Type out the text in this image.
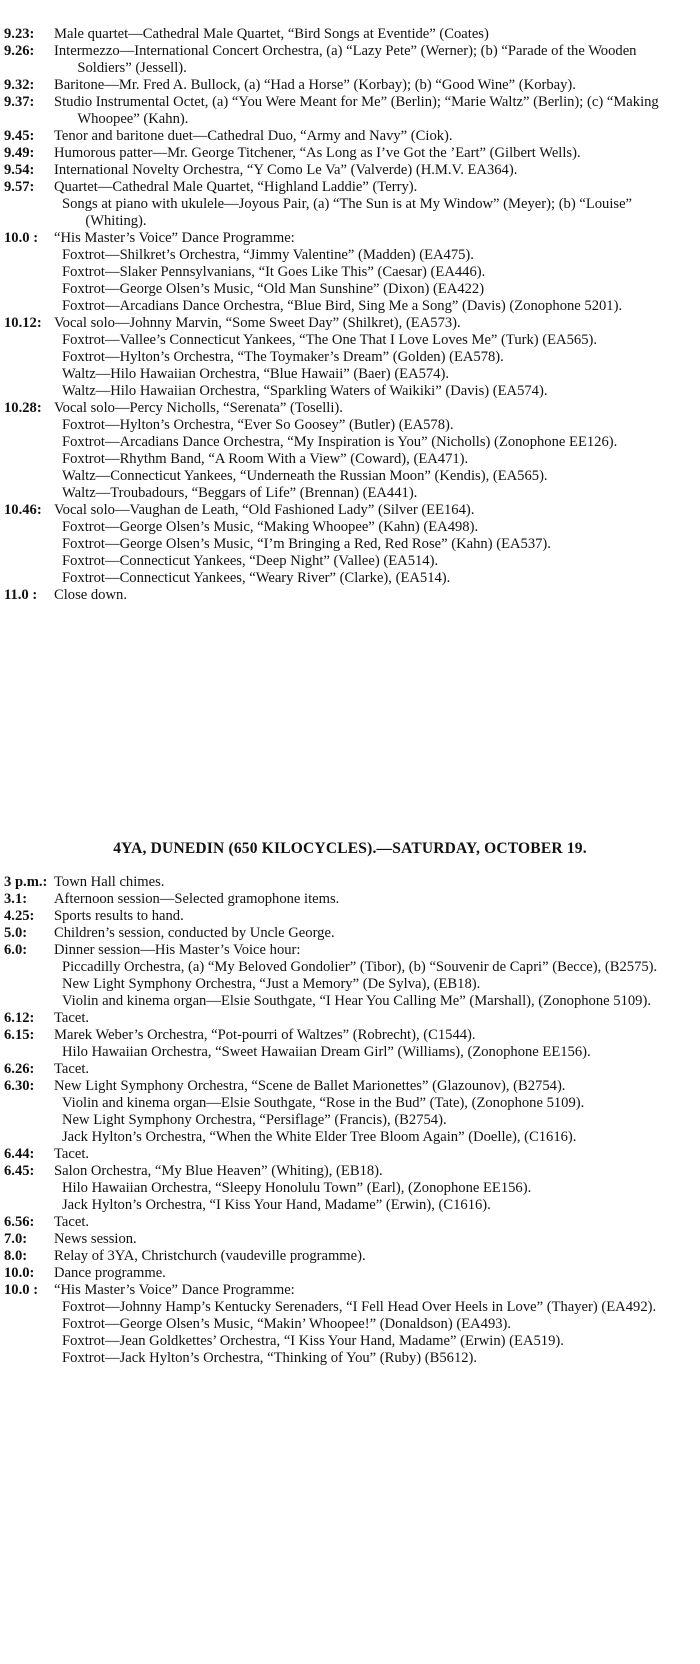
9.23:	Male quartet—Cathedral Male Quartet, “Bird Songs at Eventide” (Coates)

9.26:	Intermezzo—International Concert Orchestra, (a) “Lazy Pete” (Werner); (b) “Parade of the Wooden Soldiers” (Jessell).

9.32:	Baritone—Mr. Fred A. Bullock, (a) “Had a Horse” (Korbay); (b) “Good Wine” (Korbay).

9.37:	Studio Instrumental Octet, (a) “You Were Meant for Me” (Berlin); “Marie Waltz” (Berlin); (c) “Making Whoopee” (Kahn).

9.45:	Tenor and baritone duet—Cathedral Duo, “Army and Navy” (Ciok).

9.49:	Humorous patter—Mr. George Titchener, “As Long as I’ve Got the ’Eart” (Gilbert Wells).

9.54:	International Novelty Orchestra, “Y Como Le Va” (Valverde) (H.M.V. EA364).

9.57:	Quartet—Cathedral Male Quartet, “Highland Laddie” (Terry).

Songs at piano with ukulele—Joyous Pair, (a) “The Sun is at My Window” (Meyer); (b) “Louise” (Whiting).

10.0 :	“His Master’s Voice” Dance Programme:

Foxtrot—Shilkret’s Orchestra, “Jimmy Valentine” (Madden) (EA475).

Foxtrot—Slaker Pennsylvanians, “It Goes Like This” (Caesar) (EA446).

Foxtrot—George Olsen’s Music, “Old Man Sunshine” (Dixon) (EA422)

Foxtrot—Arcadians Dance Orchestra, “Blue Bird, Sing Me a Song” (Davis) (Zonophone 5201).

10.12: Vocal solo—Johnny Marvin, “Some Sweet Day” (Shilkret), (EA573).

Foxtrot—Vallee’s Connecticut Yankees, “The One That I Love Loves Me” (Turk) (EA565).

Foxtrot—Hylton’s Orchestra, “The Toymaker’s Dream” (Golden) (EA578).

Waltz—Hilo Hawaiian Orchestra, “Blue Hawaii” (Baer) (EA574).

Waltz—Hilo Hawaiian Orchestra, “Sparkling Waters of Waikiki” (Davis) (EA574).

10.28: Vocal solo—Percy Nicholls, “Serenata” (Toselli).

Foxtrot—Hylton’s Orchestra, “Ever So Goosey” (Butler) (EA578).

Foxtrot—Arcadians Dance Orchestra, “My Inspiration is You” (Nicholls) (Zonophone EE126).

Foxtrot—Rhythm Band, “A Room With a View” (Coward), (EA471).

Waltz—Connecticut Yankees, “Underneath the Russian Moon” (Kendis), (EA565).

Waltz—Troubadours, “Beggars of Life” (Brennan) (EA441).

10.46: Vocal solo—Vaughan de Leath, “Old Fashioned Lady” (Silver (EE164).

Foxtrot—George Olsen’s Music, “Making Whoopee” (Kahn) (EA498).

Foxtrot—George Olsen’s Music, “I’m Bringing a Red, Red Rose” (Kahn) (EA537).

Foxtrot—Connecticut Yankees, “Deep Night” (Vallee) (EA514).

Foxtrot—Connecticut Yankees, “Weary River” (Clarke), (EA514).

11.0 :	Close down.

4YA, DUNEDIN (650 KILOCYCLES).—SATURDAY, OCTOBER 19.
3 p.m.: Town Hall chimes.

3.1:	Afternoon session—Selected gramophone items.

4.25:	Sports results to hand.

5.0:	Children’s session, conducted by Uncle George.

6.0:	Dinner session—His Master’s Voice hour:

Piccadilly Orchestra, (a) “My Beloved Gondolier” (Tibor), (b) “Souvenir de Capri” (Becce), (B2575).

New Light Symphony Orchestra, “Just a Memory” (De Sylva), (EB18).

Violin and kinema organ—Elsie Southgate, “I Hear You Calling Me” (Marshall), (Zonophone 5109).

6.12:	Tacet.

6.15:	Marek Weber’s Orchestra, “Pot-pourri of Waltzes” (Robrecht), (C1544).

Hilo Hawaiian Orchestra, “Sweet Hawaiian Dream Girl” (Williams), (Zonophone EE156).

6.26:	Tacet.

6.30:	New Light Symphony Orchestra, “Scene de Ballet Marionettes” (Glazounov), (B2754).

Violin and kinema organ—Elsie Southgate, “Rose in the Bud” (Tate), (Zonophone 5109).

New Light Symphony Orchestra, “Persiflage” (Francis), (B2754).

Jack Hylton’s Orchestra, “When the White Elder Tree Bloom Again” (Doelle), (C1616).

6.44:	Tacet.

6.45:	Salon Orchestra, “My Blue Heaven” (Whiting), (EB18).

Hilo Hawaiian Orchestra, “Sleepy Honolulu Town” (Earl), (Zonophone EE156).

Jack Hylton’s Orchestra, “I Kiss Your Hand, Madame” (Erwin), (C1616).

6.56:	Tacet.

7.0:	News session.

8.0:	Relay of 3YA, Christchurch (vaudeville programme).

10.0:	Dance programme.

10.0 :	“His Master’s Voice” Dance Programme:

Foxtrot—Johnny Hamp’s Kentucky Serenaders, “I Fell Head Over Heels in Love” (Thayer) (EA492).

Foxtrot—George Olsen’s Music, “Makin’ Whoopee!” (Donaldson) (EA493).

Foxtrot—Jean Goldkettes’ Orchestra, “I Kiss Your Hand, Madame” (Erwin) (EA519).

Foxtrot—Jack Hylton’s Orchestra, “Thinking of You” (Ruby) (B5612).
